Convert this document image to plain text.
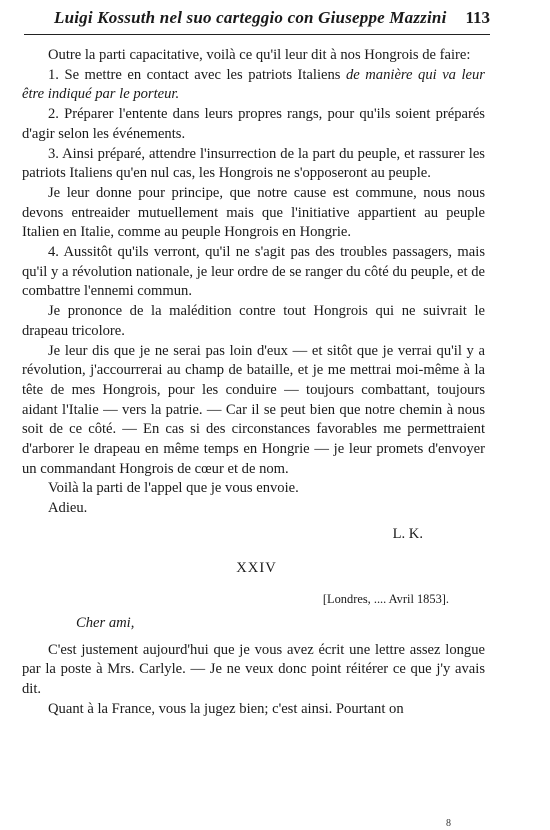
Luigi Kossuth nel suo carteggio con Giuseppe Mazzini 113

Outre la parti capacitative, voilà ce qu'il leur dit à nos Hongrois de faire:

1. Se mettre en contact avec les patriots Italiens de manière qui va leur être indiqué par le porteur.

2. Préparer l'entente dans leurs propres rangs, pour qu'ils soient préparés d'agir selon les événements.

3. Ainsi préparé, attendre l'insurrection de la part du peuple, et rassurer les patriots Italiens qu'en nul cas, les Hongrois ne s'opposeront au peuple.

Je leur donne pour principe, que notre cause est commune, nous nous devons entreaider mutuellement mais que l'initiative appartient au peuple Italien en Italie, comme au peuple Hongrois en Hongrie.

4. Aussitôt qu'ils verront, qu'il ne s'agit pas des troubles passagers, mais qu'il y a révolution nationale, je leur ordre de se ranger du côté du peuple, et de combattre l'ennemi commun.

Je prononce de la malédition contre tout Hongrois qui ne suivrait le drapeau tricolore.

Je leur dis que je ne serai pas loin d'eux — et sitôt que je verrai qu'il y a révolution, j'accourrerai au champ de bataille, et je me mettrai moi-même à la tête de mes Hongrois, pour les conduire — toujours combattant, toujours aidant l'Italie — vers la patrie. — Car il se peut bien que notre chemin à nous soit de ce côté. — En cas si des circonstances favorables me permettraient d'arborer le drapeau en même temps en Hongrie — je leur promets d'envoyer un commandant Hongrois de cœur et de nom.

Voilà la parti de l'appel que je vous envoie.

Adieu.

L. K.

XXIV

[Londres, .... Avril 1853].

Cher ami,

C'est justement aujourd'hui que je vous avez écrit une lettre assez longue par la poste à Mrs. Carlyle. — Je ne veux donc point réitérer ce que j'y avais dit.

Quant à la France, vous la jugez bien; c'est ainsi. Pourtant on

8
